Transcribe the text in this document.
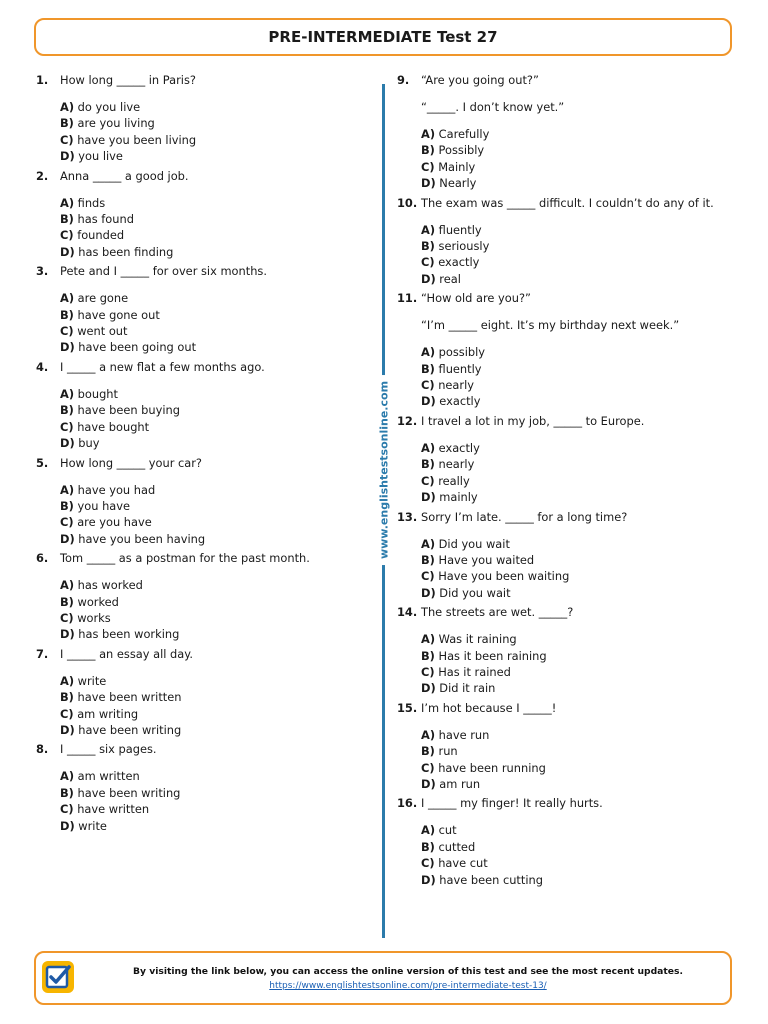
PRE-INTERMEDIATE Test 27
1.	How long _____ in Paris?
A) do you live
B) are you living
C) have you been living
D) you live
2.	Anna _____ a good job.
A) finds
B) has found
C) founded
D) has been finding
3.	Pete and I _____ for over six months.
A) are gone
B) have gone out
C) went out
D) have been going out
4.	I _____ a new flat a few months ago.
A) bought
B) have been buying
C) have bought
D) buy
5.	How long _____ your car?
A) have you had
B) you have
C) are you have
D) have you been having
6.	Tom _____ as a postman for the past month.
A) has worked
B) worked
C) works
D) has been working
7.	I _____ an essay all day.
A) write
B) have been written
C) am writing
D) have been writing
8.	I _____ six pages.
A) am written
B) have been writing
C) have written
D) write
www.englishtestsonline.com
9.	“Are you going out?”
“_____. I don’t know yet.”
A) Carefully
B) Possibly
C) Mainly
D) Nearly
10. The exam was _____ difficult. I couldn’t do any of it.
A) fluently
B) seriously
C) exactly
D) real
11. “How old are you?”
“I’m _____ eight. It’s my birthday next week.”
A) possibly
B) fluently
C) nearly
D) exactly
12. I travel a lot in my job, _____ to Europe.
A) exactly
B) nearly
C) really
D) mainly
13. Sorry I’m late. _____ for a long time?
A) Did you wait
B) Have you waited
C) Have you been waiting
D) Did you wait
14. The streets are wet. _____?
A) Was it raining
B) Has it been raining
C) Has it rained
D) Did it rain
15. I’m hot because I _____!
A) have run
B) run
C) have been running
D) am run
16. I _____ my finger! It really hurts.
A) cut
B) cutted
C) have cut
D) have been cutting
By visiting the link below, you can access the online version of this test and see the most recent updates.
https://www.englishtestsonline.com/pre-intermediate-test-13/
